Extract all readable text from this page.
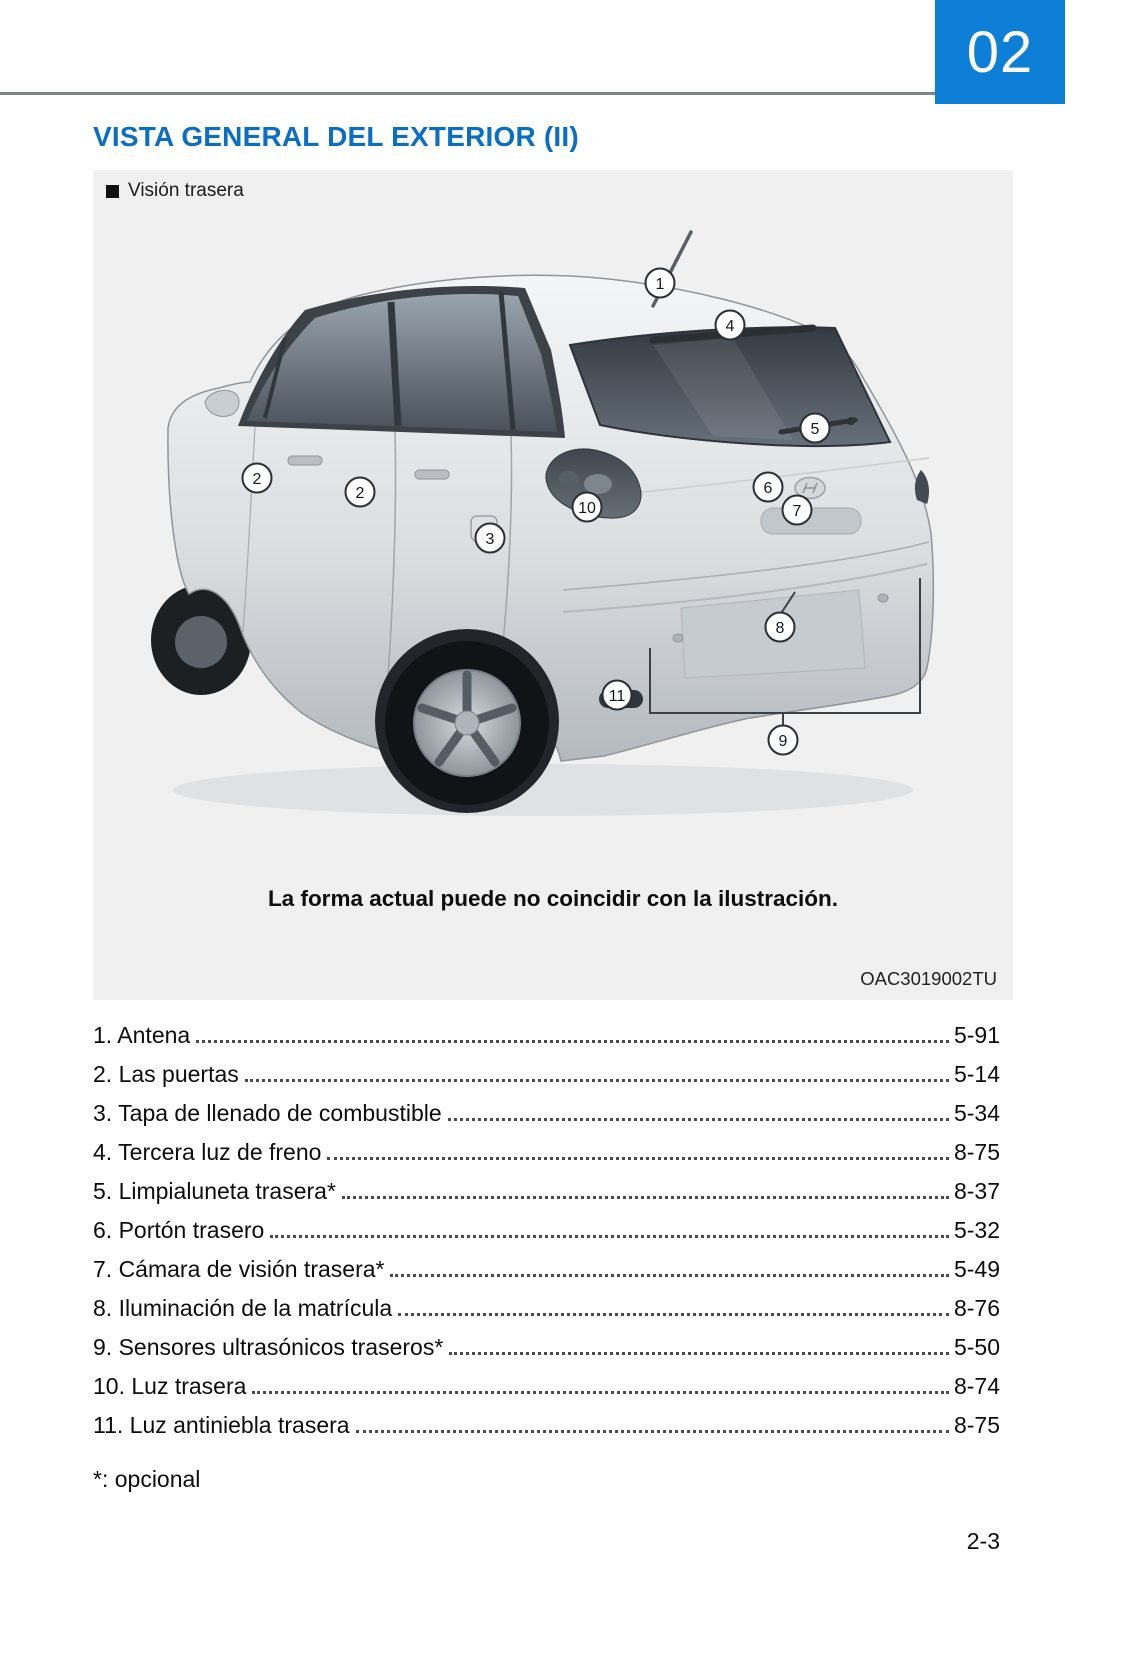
02
VISTA GENERAL DEL EXTERIOR (II)
Visión trasera
1
2
2
3
4
5
6
7
8
9
10
11
La forma actual puede no coincidir con la ilustración.
OAC3019002TU
1. Antena	5-91
2. Las puertas	5-14
3. Tapa de llenado de combustible	5-34
4. Tercera luz de freno	8-75
5. Limpialuneta trasera*	8-37
6. Portón trasero	5-32
7. Cámara de visión trasera*	5-49
8. Iluminación de la matrícula	8-76
9. Sensores ultrasónicos traseros*	5-50
10. Luz trasera	8-74
11. Luz antiniebla trasera	8-75
*: opcional
2-3
